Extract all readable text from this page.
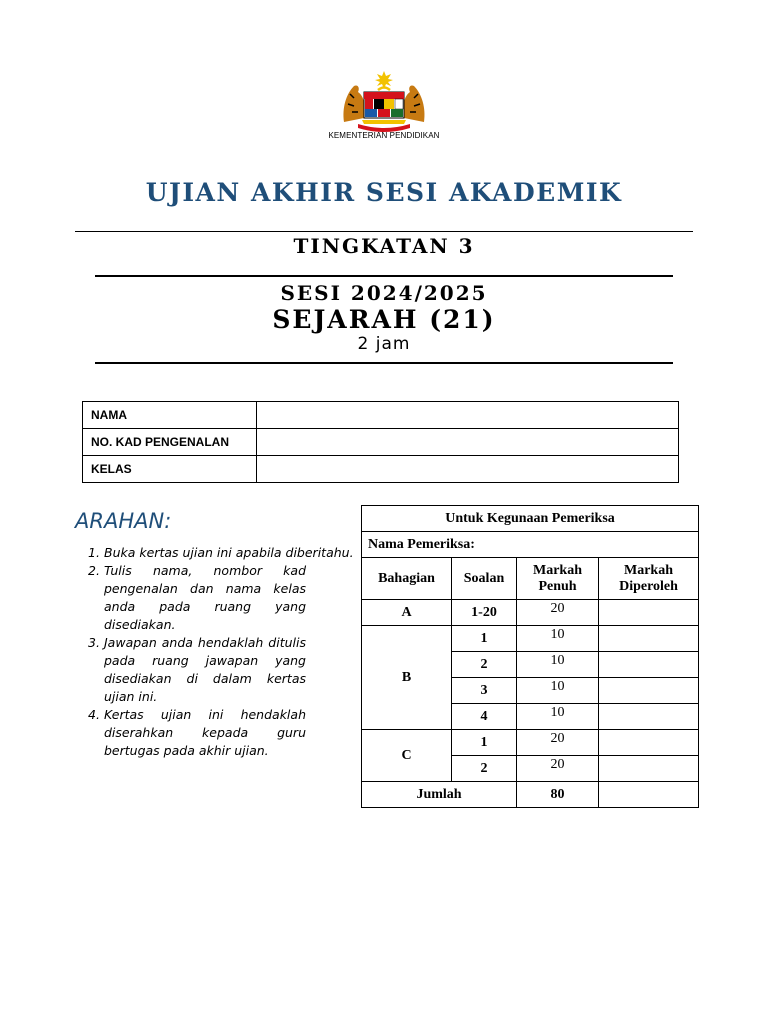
KEMENTERIAN PENDIDIKAN
UJIAN AKHIR SESI AKADEMIK
TINGKATAN 3
SESI 2024/2025
SEJARAH (21)
2 jam
NAMA	
NO. KAD PENGENALAN	
KELAS	
ARAHAN:
1. Buka kertas ujian ini apabila diberitahu.
2. Tulis nama, nombor kad pengenalan dan nama kelas anda pada ruang yang disediakan.
3. Jawapan anda hendaklah ditulis pada ruang jawapan yang disediakan di dalam kertas ujian ini.
4. Kertas ujian ini hendaklah diserahkan kepada guru bertugas pada akhir ujian.
Untuk Kegunaan Pemeriksa			
Nama Pemeriksa:			
Bahagian	Soalan	Markah Penuh	Markah Diperoleh
A	1-20	20	
B	1	10	
	2	10	
	3	10	
	4	10	
C	1	20	
	2	20	
Jumlah		80	
